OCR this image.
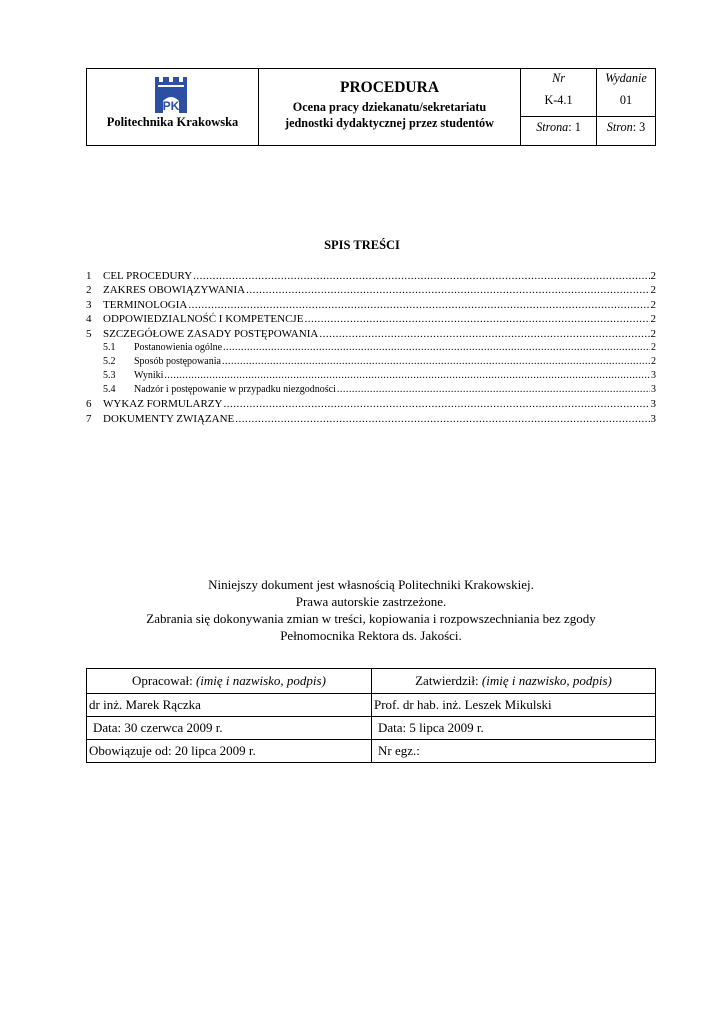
PK
Politechnika Krakowska
PROCEDURA
Ocena pracy dziekanatu/sekretariatu
jednostki dydaktycznej przez studentów
Nr
K-4.1
Strona: 1
Wydanie
01
Stron: 3
SPIS TREŚCI
1	CEL PROCEDURY .....	2
2	ZAKRES OBOWIĄZYWANIA .....	2
3	TERMINOLOGIA .....	2
4	ODPOWIEDZIALNOŚĆ I KOMPETENCJE .....	2
5	SZCZEGÓŁOWE ZASADY POSTĘPOWANIA .....	2
5.1	Postanowienia ogólne .....	2
5.2	Sposób postępowania .....	2
5.3	Wyniki .....	3
5.4	Nadzór i postępowanie w przypadku niezgodności .....	3
6	WYKAZ FORMULARZY .....	3
7	DOKUMENTY ZWIĄZANE .....	3
Niniejszy dokument jest własnością Politechniki Krakowskiej.
Prawa autorskie zastrzeżone.
Zabrania się dokonywania zmian w treści, kopiowania i rozpowszechniania bez zgody
Pełnomocnika Rektora ds. Jakości.
Opracował: (imię i nazwisko, podpis)	Zatwierdził: (imię i nazwisko, podpis)
dr inż. Marek Rączka	Prof. dr hab. inż. Leszek Mikulski
Data: 30 czerwca 2009 r.	Data: 5 lipca 2009 r.
Obowiązuje od: 20 lipca 2009 r.	Nr egz.:
